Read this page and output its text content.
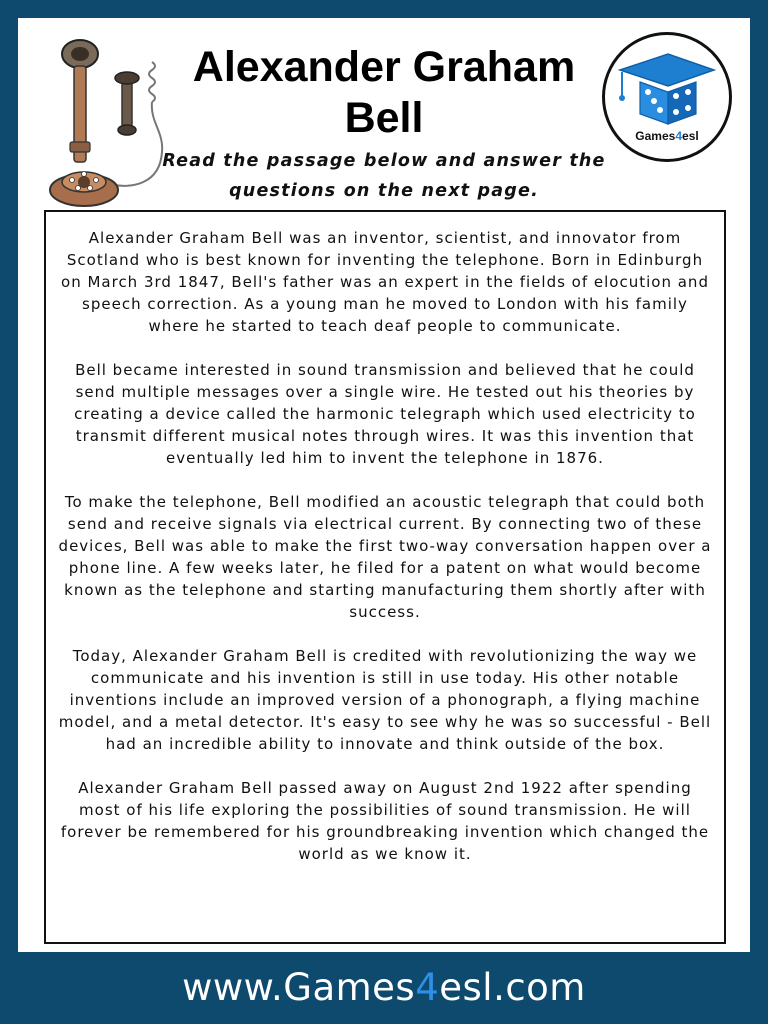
Alexander Graham Bell	Games4esl
Read the passage below and answer the questions on the next page.

Alexander Graham Bell was an inventor, scientist, and innovator from Scotland who is best known for inventing the telephone. Born in Edinburgh on March 3rd 1847, Bell's father was an expert in the fields of elocution and speech correction. As a young man he moved to London with his family where he started to teach deaf people to communicate.

Bell became interested in sound transmission and believed that he could send multiple messages over a single wire. He tested out his theories by creating a device called the harmonic telegraph which used electricity to transmit different musical notes through wires. It was this invention that eventually led him to invent the telephone in 1876.

To make the telephone, Bell modified an acoustic telegraph that could both send and receive signals via electrical current. By connecting two of these devices, Bell was able to make the first two-way conversation happen over a phone line. A few weeks later, he filed for a patent on what would become known as the telephone and starting manufacturing them shortly after with success.

Today, Alexander Graham Bell is credited with revolutionizing the way we communicate and his invention is still in use today. His other notable inventions include an improved version of a phonograph, a flying machine model, and a metal detector. It's easy to see why he was so successful - Bell had an incredible ability to innovate and think outside of the box.

Alexander Graham Bell passed away on August 2nd 1922 after spending most of his life exploring the possibilities of sound transmission. He will forever be remembered for his groundbreaking invention which changed the world as we know it.

www.Games4esl.com
